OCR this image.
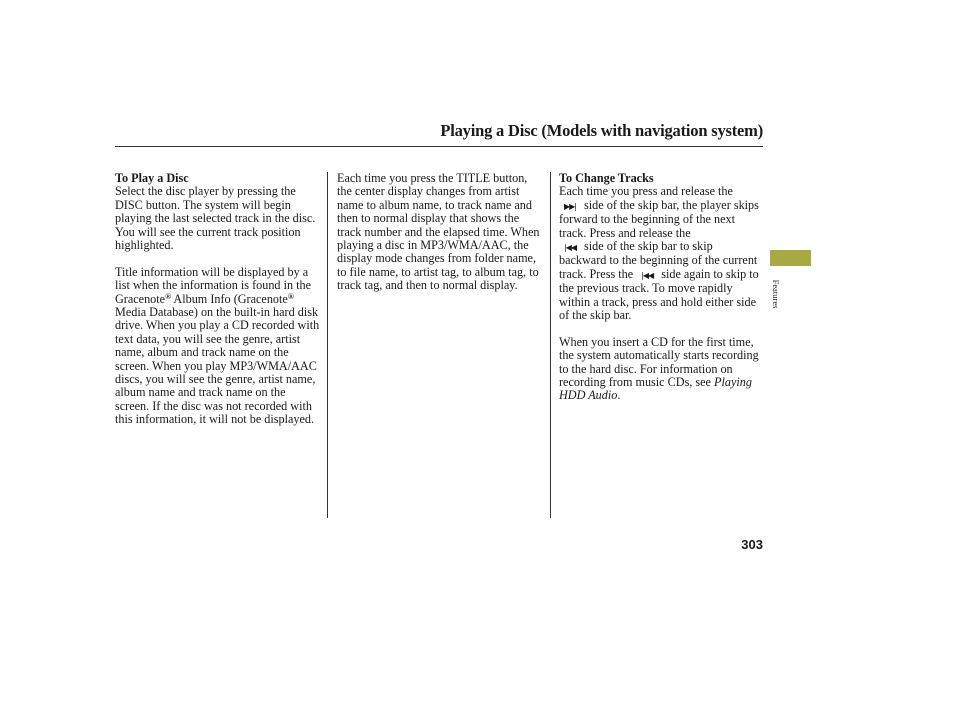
Playing a Disc (Models with navigation system)
To Play a Disc

Select the disc player by pressing the DISC button. The system will begin playing the last selected track in the disc. You will see the current track position highlighted.

Title information will be displayed by a list when the information is found in the Gracenote® Album Info (Gracenote® Media Database) on the built-in hard disk drive. When you play a CD recorded with text data, you will see the genre, artist name, album and track name on the screen. When you play MP3/WMA/AAC discs, you will see the genre, artist name, album name and track name on the screen. If the disc was not recorded with this information, it will not be displayed.

Each time you press the TITLE button, the center display changes from artist name to album name, to track name and then to normal display that shows the track number and the elapsed time. When playing a disc in MP3/WMA/AAC, the display mode changes from folder name, to file name, to artist tag, to album tag, to track tag, and then to normal display.

To Change Tracks

Each time you press and release the
▶▶| side of the skip bar, the player skips forward to the beginning of the next track. Press and release the
|◀◀ side of the skip bar to skip backward to the beginning of the current track. Press the |◀◀ side again to skip to the previous track. To move rapidly within a track, press and hold either side of the skip bar.

When you insert a CD for the first time, the system automatically starts recording to the hard disc. For information on recording from music CDs, see Playing HDD Audio.

Features
303
